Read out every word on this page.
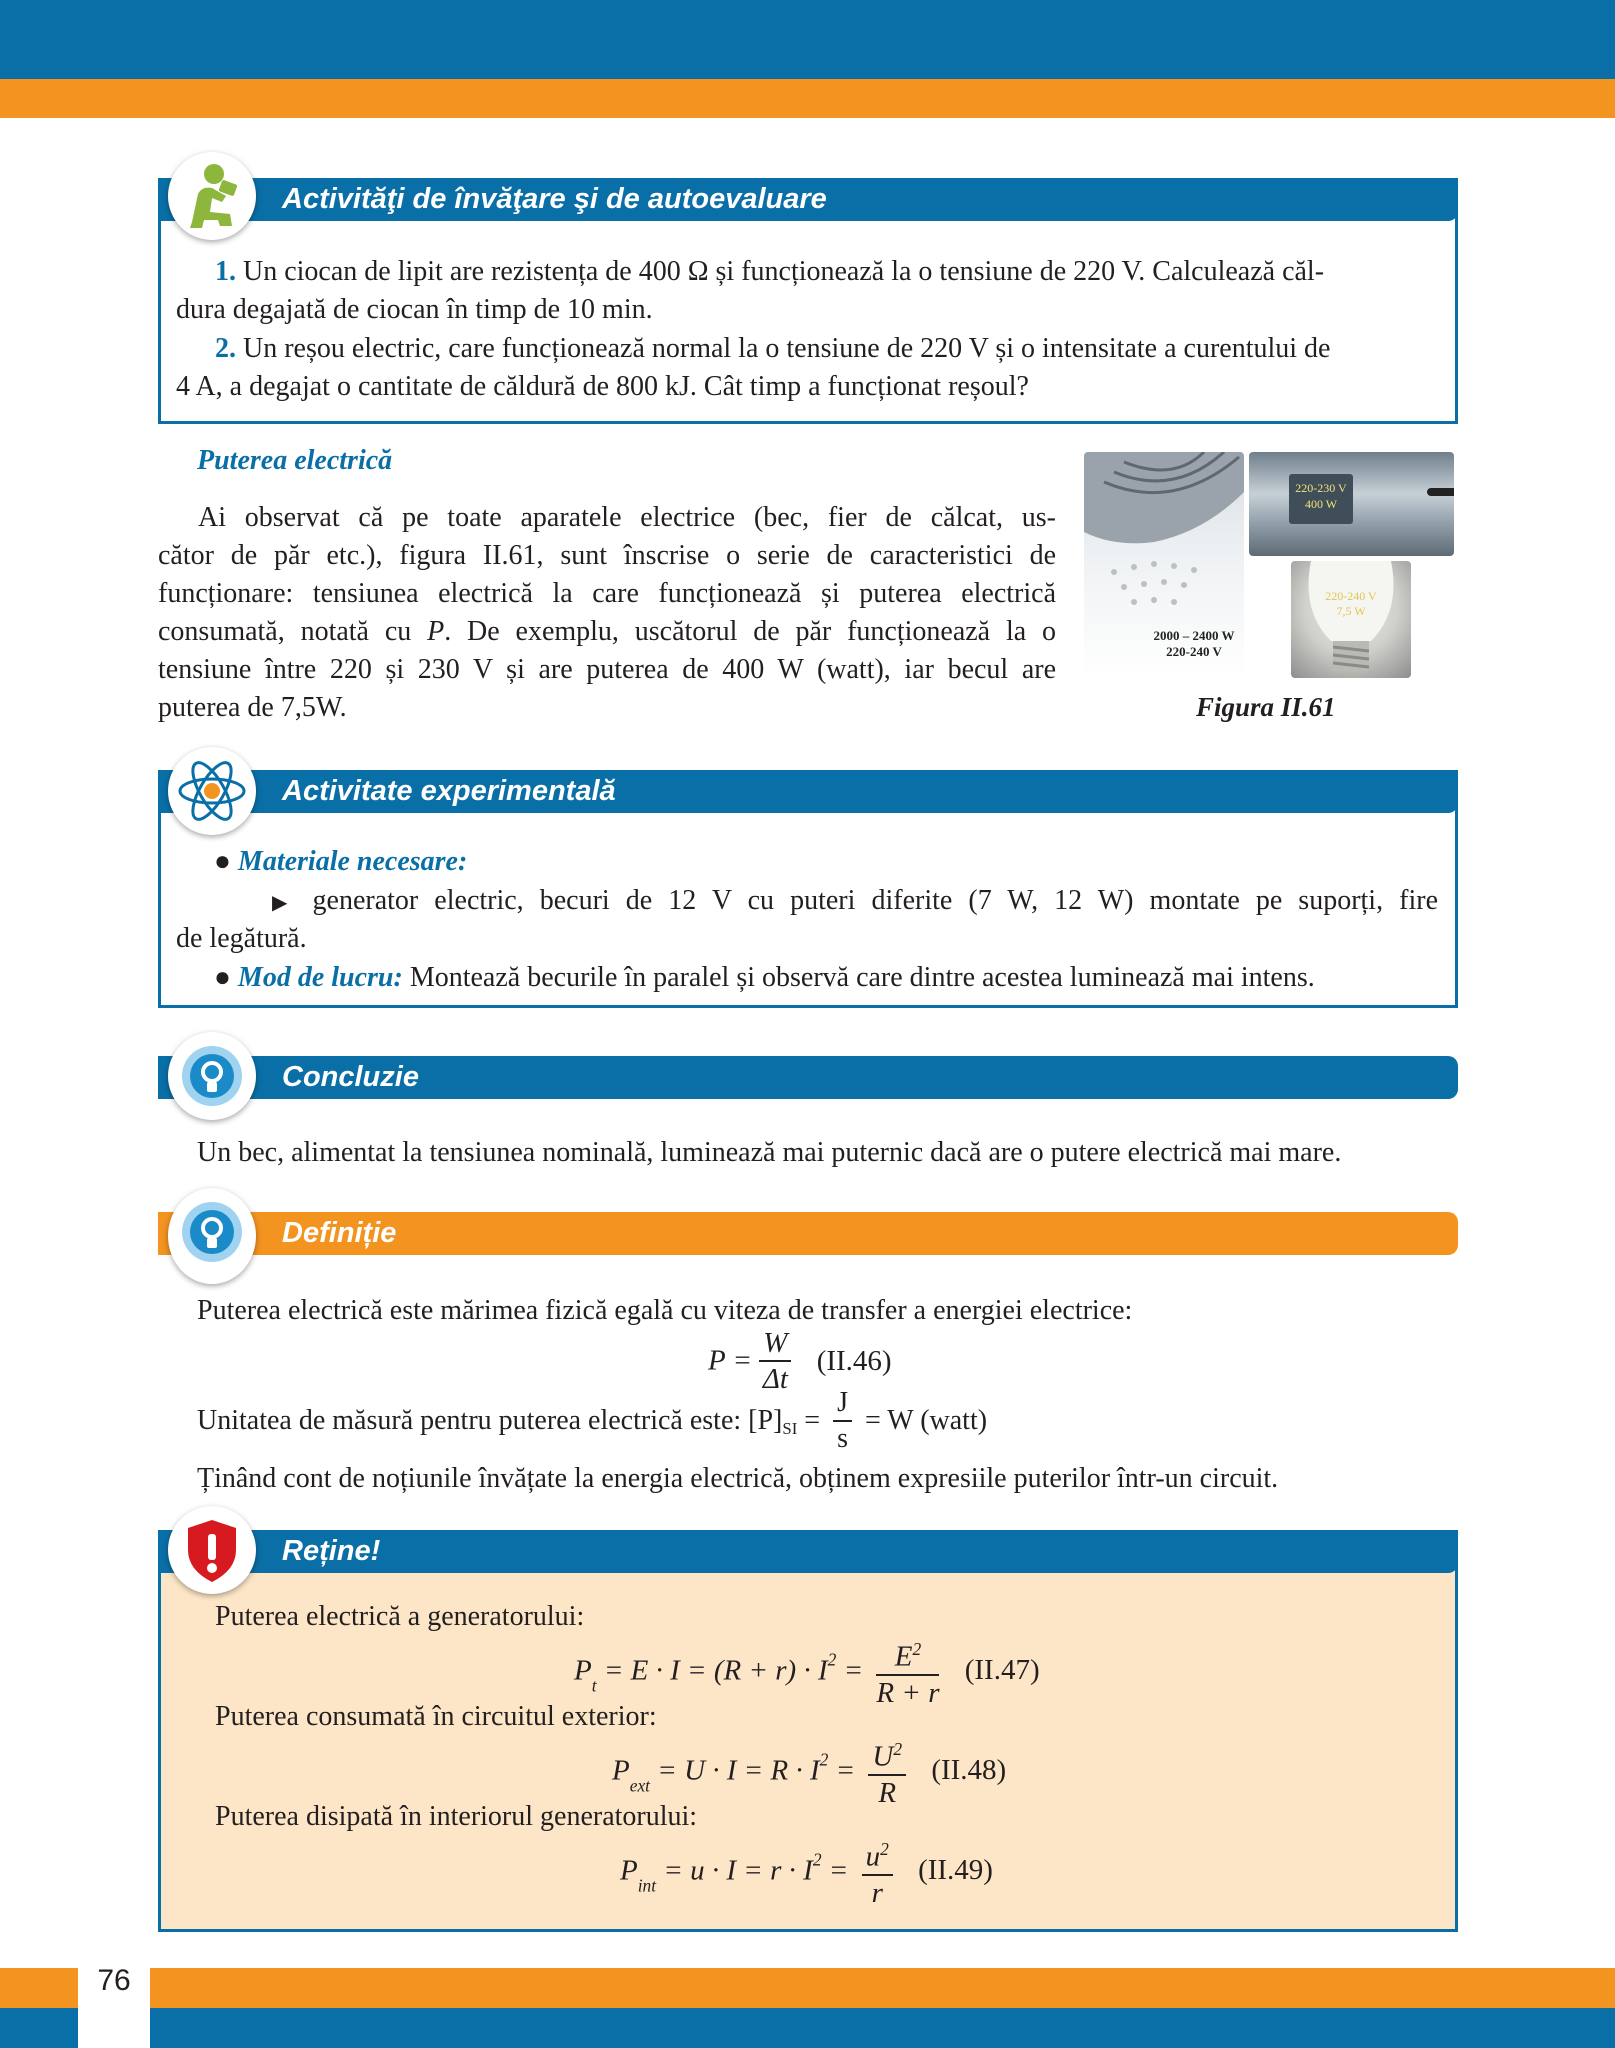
76
Activităţi de învăţare şi de autoevaluare
1. Un ciocan de lipit are rezistența de 400 Ω și funcționează la o tensiune de 220 V. Calculează căl-
dura degajată de ciocan în timp de 10 min.
2. Un reșou electric, care funcționează normal la o tensiune de 220 V și o intensitate a curentului de
4 A, a degajat o cantitate de căldură de 800 kJ. Cât timp a funcționat reșoul?
Puterea electrică
Ai observat că pe toate aparatele electrice (bec, fier de călcat, us-
cător de păr etc.), figura II.61, sunt înscrise o serie de caracteristici de
funcționare: tensiunea electrică la care funcționează și puterea electrică
consumată, notată cu P. De exemplu, uscătorul de păr funcționează la o
tensiune între 220 și 230 V și are puterea de 400 W (watt), iar becul are
puterea de 7,5W.
2000 – 2400 W
220-240 V
220-230 V
400 W
220-240 V
7,5 W
Figura II.61
Activitate experimentală
● Materiale necesare:
▶ generator electric, becuri de 12 V cu puteri diferite (7 W, 12 W) montate pe suporți, fire
de legătură.
● Mod de lucru: Montează becurile în paralel și observă care dintre acestea luminează mai intens.
Concluzie
Un bec, alimentat la tensiunea nominală, luminează mai puternic dacă are o putere electrică mai mare.
Definiție
Puterea electrică este mărimea fizică egală cu viteza de transfer a energiei electrice:
$P = \frac{W}{\Delta t} (II.46)$
Unitatea de măsură pentru puterea electrică este: $[P]_{SI} = \frac{J}{s} = W$ (watt)
Ținând cont de noțiunile învățate la energia electrică, obținem expresiile puterilor într-un circuit.
Reține!
Puterea electrică a generatorului:
$P_t = E \cdot I = (R + r) \cdot I^2 = \frac{E^2}{R + r} (II.47)$
Puterea consumată în circuitul exterior:
$P_{ext} = U \cdot I = R \cdot I^2 = \frac{U^2}{R} (II.48)$
Puterea disipată în interiorul generatorului:
$P_{int} = u \cdot I = r \cdot I^2 = \frac{u^2}{r} (II.49)$
